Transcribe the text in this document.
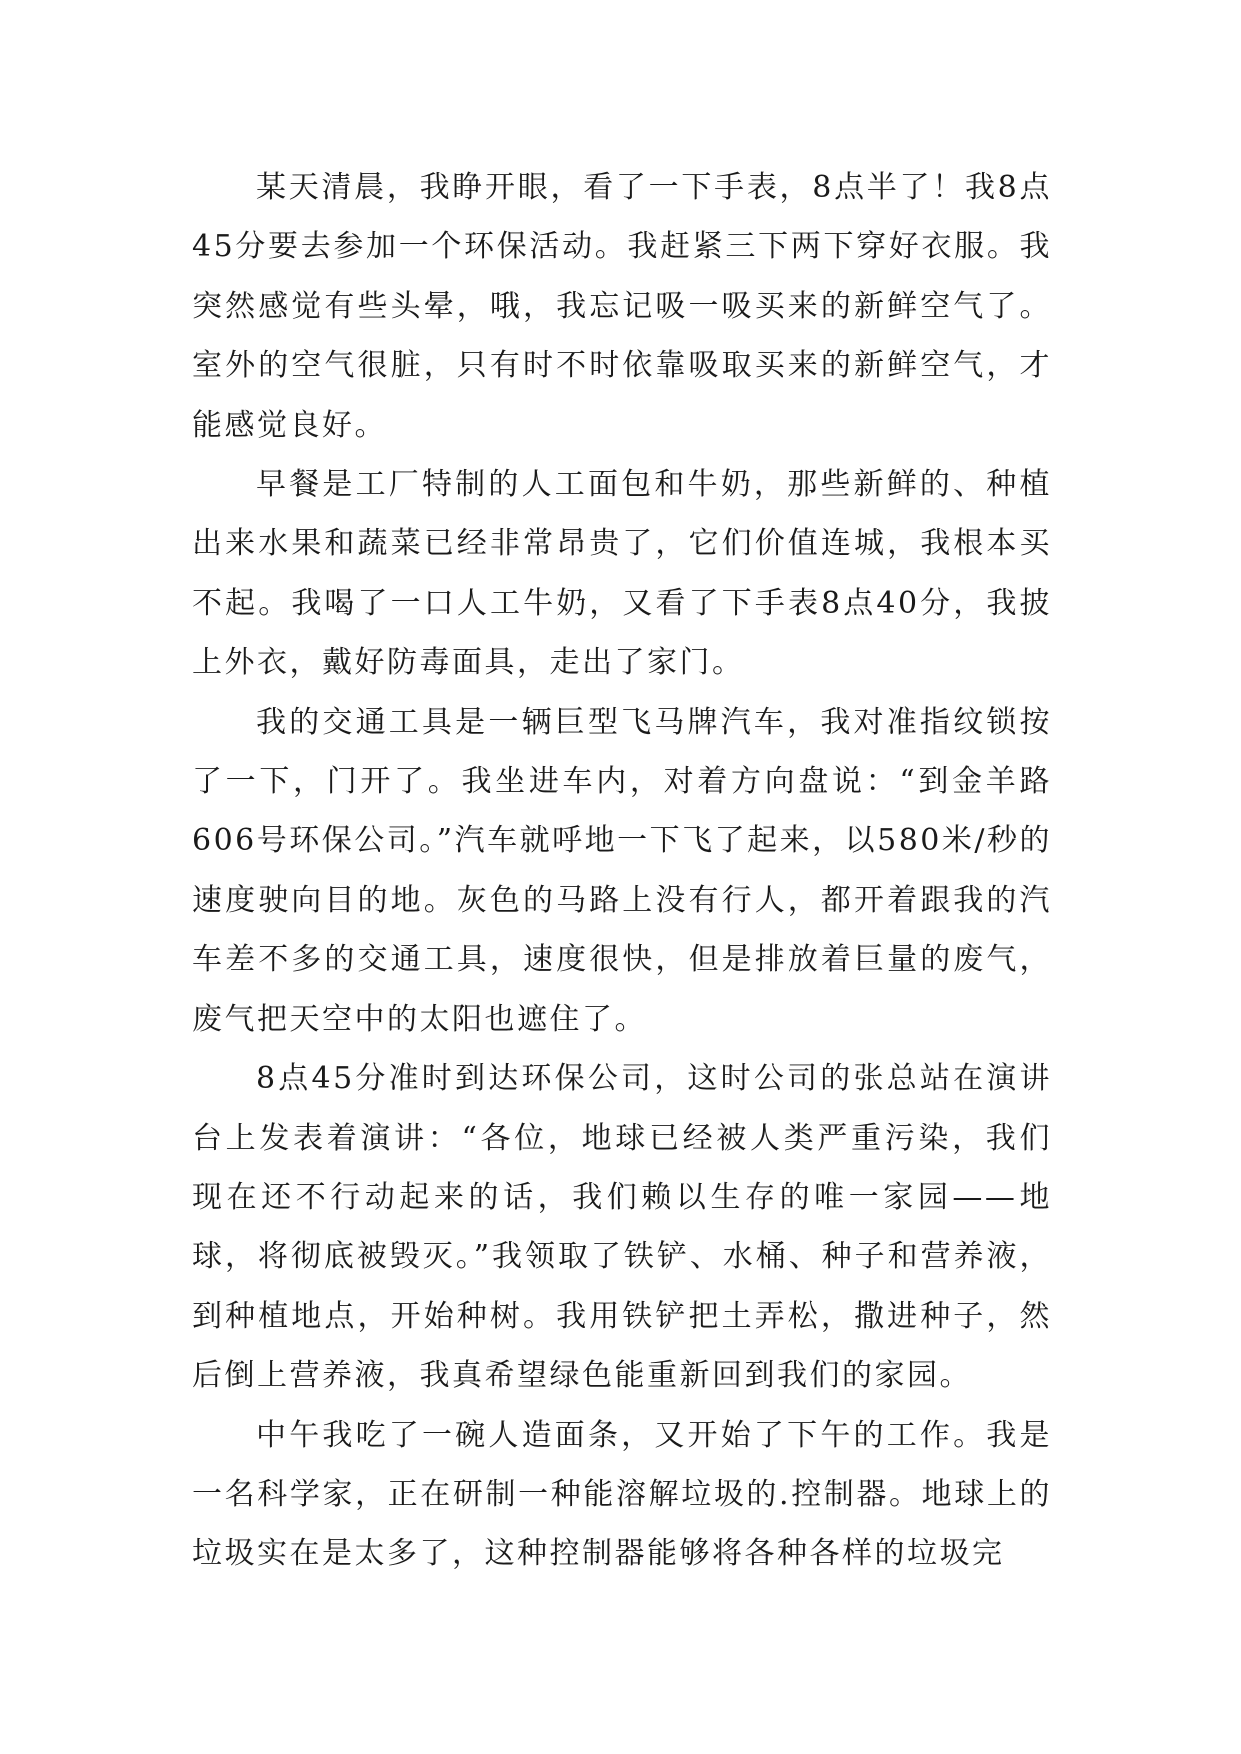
某天清晨，我睁开眼，看了一下手表，8点半了！我8点45分要去参加一个环保活动。我赶紧三下两下穿好衣服。我突然感觉有些头晕，哦，我忘记吸一吸买来的新鲜空气了。室外的空气很脏，只有时不时依靠吸取买来的新鲜空气，才能感觉良好。

早餐是工厂特制的人工面包和牛奶，那些新鲜的、种植出来水果和蔬菜已经非常昂贵了，它们价值连城，我根本买不起。我喝了一口人工牛奶，又看了下手表8点40分，我披上外衣，戴好防毒面具，走出了家门。

我的交通工具是一辆巨型飞马牌汽车，我对准指纹锁按了一下，门开了。我坐进车内，对着方向盘说：“到金羊路606号环保公司。”汽车就呼地一下飞了起来，以580米/秒的速度驶向目的地。灰色的马路上没有行人，都开着跟我的汽车差不多的交通工具，速度很快，但是排放着巨量的废气，废气把天空中的太阳也遮住了。

8点45分准时到达环保公司，这时公司的张总站在演讲台上发表着演讲：“各位，地球已经被人类严重污染，我们现在还不行动起来的话，我们赖以生存的唯一家园——地球，将彻底被毁灭。”我领取了铁铲、水桶、种子和营养液，到种植地点，开始种树。我用铁铲把土弄松，撒进种子，然后倒上营养液，我真希望绿色能重新回到我们的家园。

中午我吃了一碗人造面条，又开始了下午的工作。我是一名科学家，正在研制一种能溶解垃圾的.控制器。地球上的垃圾实在是太多了，这种控制器能够将各种各样的垃圾完
